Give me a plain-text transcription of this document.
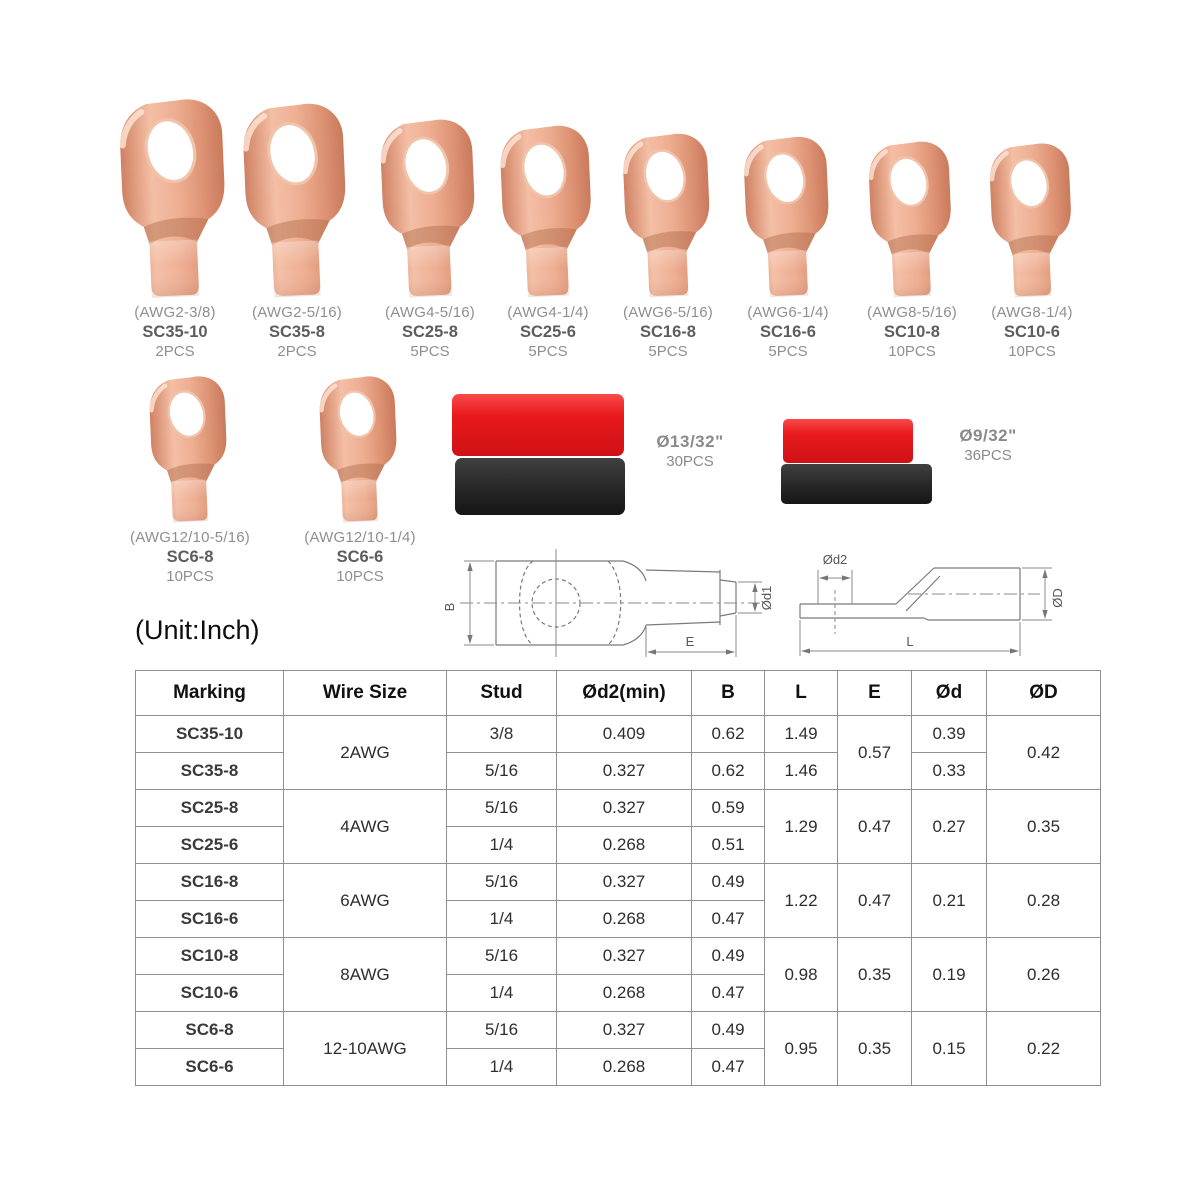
(AWG2-3/8)
SC35-10
2PCS
(AWG2-5/16)
SC35-8
2PCS
(AWG4-5/16)
SC25-8
5PCS
(AWG4-1/4)
SC25-6
5PCS
(AWG6-5/16)
SC16-8
5PCS
(AWG6-1/4)
SC16-6
5PCS
(AWG8-5/16)
SC10-8
10PCS
(AWG8-1/4)
SC10-6
10PCS
(AWG12/10-5/16)
SC6-8
10PCS
(AWG12/10-1/4)
SC6-6
10PCS
Ø13/32"
30PCS
Ø9/32"
36PCS
B	Ød1
E
Ød2
ØD
L
(Unit:Inch)
Marking	Wire Size	Stud	Ød2(min)	B	L	E	Ød	ØD
SC35-10	2AWG	3/8	0.409	0.62	1.49	0.57	0.39	0.42
SC35-8		5/16	0.327	0.62	1.46		0.33	
SC25-8	4AWG	5/16	0.327	0.59	1.29	0.47	0.27	0.35
SC25-6		1/4	0.268	0.51				
SC16-8	6AWG	5/16	0.327	0.49	1.22	0.47	0.21	0.28
SC16-6		1/4	0.268	0.47				
SC10-8	8AWG	5/16	0.327	0.49	0.98	0.35	0.19	0.26
SC10-6		1/4	0.268	0.47				
SC6-8	12-10AWG	5/16	0.327	0.49	0.95	0.35	0.15	0.22
SC6-6		1/4	0.268	0.47				
